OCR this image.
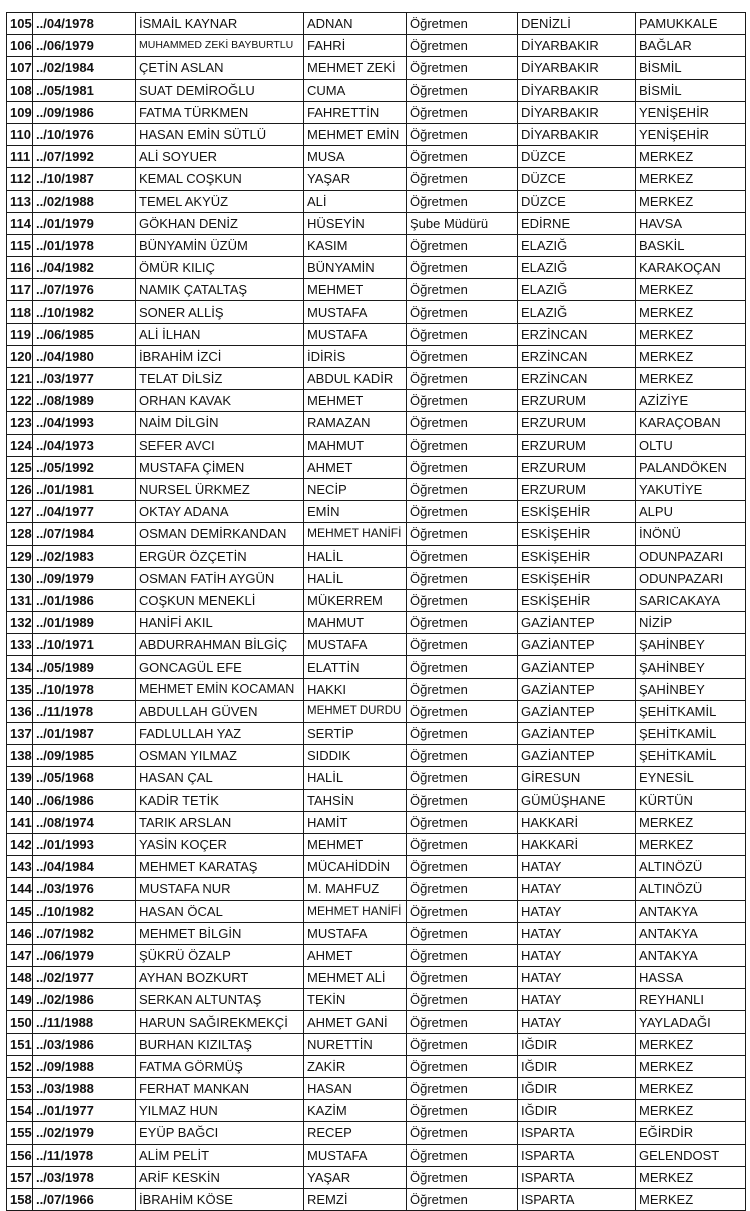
105	../04/1978	İSMAİL KAYNAR	ADNAN	Öğretmen	DENİZLİ	PAMUKKALE
106	../06/1979	MUHAMMED ZEKİ BAYBURTLU	FAHRİ	Öğretmen	DİYARBAKIR	BAĞLAR
107	../02/1984	ÇETİN ASLAN	MEHMET ZEKİ	Öğretmen	DİYARBAKIR	BİSMİL
108	../05/1981	SUAT DEMİROĞLU	CUMA	Öğretmen	DİYARBAKIR	BİSMİL
109	../09/1986	FATMA TÜRKMEN	FAHRETTİN	Öğretmen	DİYARBAKIR	YENİŞEHİR
110	../10/1976	HASAN EMİN SÜTLÜ	MEHMET EMİN	Öğretmen	DİYARBAKIR	YENİŞEHİR
111	../07/1992	ALİ SOYUER	MUSA	Öğretmen	DÜZCE	MERKEZ
112	../10/1987	KEMAL COŞKUN	YAŞAR	Öğretmen	DÜZCE	MERKEZ
113	../02/1988	TEMEL AKYÜZ	ALİ	Öğretmen	DÜZCE	MERKEZ
114	../01/1979	GÖKHAN DENİZ	HÜSEYİN	Şube Müdürü	EDİRNE	HAVSA
115	../01/1978	BÜNYAMİN ÜZÜM	KASIM	Öğretmen	ELAZIĞ	BASKİL
116	../04/1982	ÖMÜR KILIÇ	BÜNYAMİN	Öğretmen	ELAZIĞ	KARAKOÇAN
117	../07/1976	NAMIK ÇATALTAŞ	MEHMET	Öğretmen	ELAZIĞ	MERKEZ
118	../10/1982	SONER ALLİŞ	MUSTAFA	Öğretmen	ELAZIĞ	MERKEZ
119	../06/1985	ALİ İLHAN	MUSTAFA	Öğretmen	ERZİNCAN	MERKEZ
120	../04/1980	İBRAHİM İZCİ	İDİRİS	Öğretmen	ERZİNCAN	MERKEZ
121	../03/1977	TELAT DİLSİZ	ABDUL KADİR	Öğretmen	ERZİNCAN	MERKEZ
122	../08/1989	ORHAN KAVAK	MEHMET	Öğretmen	ERZURUM	AZİZİYE
123	../04/1993	NAİM DİLGİN	RAMAZAN	Öğretmen	ERZURUM	KARAÇOBAN
124	../04/1973	SEFER AVCI	MAHMUT	Öğretmen	ERZURUM	OLTU
125	../05/1992	MUSTAFA ÇİMEN	AHMET	Öğretmen	ERZURUM	PALANDÖKEN
126	../01/1981	NURSEL ÜRKMEZ	NECİP	Öğretmen	ERZURUM	YAKUTİYE
127	../04/1977	OKTAY ADANA	EMİN	Öğretmen	ESKİŞEHİR	ALPU
128	../07/1984	OSMAN DEMİRKANDAN	MEHMET HANİFİ	Öğretmen	ESKİŞEHİR	İNÖNÜ
129	../02/1983	ERGÜR ÖZÇETİN	HALİL	Öğretmen	ESKİŞEHİR	ODUNPAZARI
130	../09/1979	OSMAN FATİH AYGÜN	HALİL	Öğretmen	ESKİŞEHİR	ODUNPAZARI
131	../01/1986	COŞKUN MENEKLİ	MÜKERREM	Öğretmen	ESKİŞEHİR	SARICAKAYA
132	../01/1989	HANİFİ AKIL	MAHMUT	Öğretmen	GAZİANTEP	NİZİP
133	../10/1971	ABDURRAHMAN BİLGİÇ	MUSTAFA	Öğretmen	GAZİANTEP	ŞAHİNBEY
134	../05/1989	GONCAGÜL EFE	ELATTİN	Öğretmen	GAZİANTEP	ŞAHİNBEY
135	../10/1978	MEHMET EMİN KOCAMAN	HAKKI	Öğretmen	GAZİANTEP	ŞAHİNBEY
136	../11/1978	ABDULLAH GÜVEN	MEHMET DURDU	Öğretmen	GAZİANTEP	ŞEHİTKAMİL
137	../01/1987	FADLULLAH YAZ	SERTİP	Öğretmen	GAZİANTEP	ŞEHİTKAMİL
138	../09/1985	OSMAN YILMAZ	SIDDIK	Öğretmen	GAZİANTEP	ŞEHİTKAMİL
139	../05/1968	HASAN ÇAL	HALİL	Öğretmen	GİRESUN	EYNESİL
140	../06/1986	KADİR TETİK	TAHSİN	Öğretmen	GÜMÜŞHANE	KÜRTÜN
141	../08/1974	TARIK ARSLAN	HAMİT	Öğretmen	HAKKARİ	MERKEZ
142	../01/1993	YASİN KOÇER	MEHMET	Öğretmen	HAKKARİ	MERKEZ
143	../04/1984	MEHMET KARATAŞ	MÜCAHİDDİN	Öğretmen	HATAY	ALTINÖZÜ
144	../03/1976	MUSTAFA NUR	M. MAHFUZ	Öğretmen	HATAY	ALTINÖZÜ
145	../10/1982	HASAN ÖCAL	MEHMET HANİFİ	Öğretmen	HATAY	ANTAKYA
146	../07/1982	MEHMET BİLGİN	MUSTAFA	Öğretmen	HATAY	ANTAKYA
147	../06/1979	ŞÜKRÜ ÖZALP	AHMET	Öğretmen	HATAY	ANTAKYA
148	../02/1977	AYHAN BOZKURT	MEHMET ALİ	Öğretmen	HATAY	HASSA
149	../02/1986	SERKAN ALTUNTAŞ	TEKİN	Öğretmen	HATAY	REYHANLI
150	../11/1988	HARUN SAĞIREKMEKÇİ	AHMET GANİ	Öğretmen	HATAY	YAYLADAĞI
151	../03/1986	BURHAN KIZILTAŞ	NURETTİN	Öğretmen	IĞDIR	MERKEZ
152	../09/1988	FATMA GÖRMÜŞ	ZAKİR	Öğretmen	IĞDIR	MERKEZ
153	../03/1988	FERHAT MANKAN	HASAN	Öğretmen	IĞDIR	MERKEZ
154	../01/1977	YILMAZ HUN	KAZİM	Öğretmen	IĞDIR	MERKEZ
155	../02/1979	EYÜP BAĞCI	RECEP	Öğretmen	ISPARTA	EĞİRDİR
156	../11/1978	ALİM PELİT	MUSTAFA	Öğretmen	ISPARTA	GELENDOST
157	../03/1978	ARİF KESKİN	YAŞAR	Öğretmen	ISPARTA	MERKEZ
158	../07/1966	İBRAHİM KÖSE	REMZİ	Öğretmen	ISPARTA	MERKEZ
